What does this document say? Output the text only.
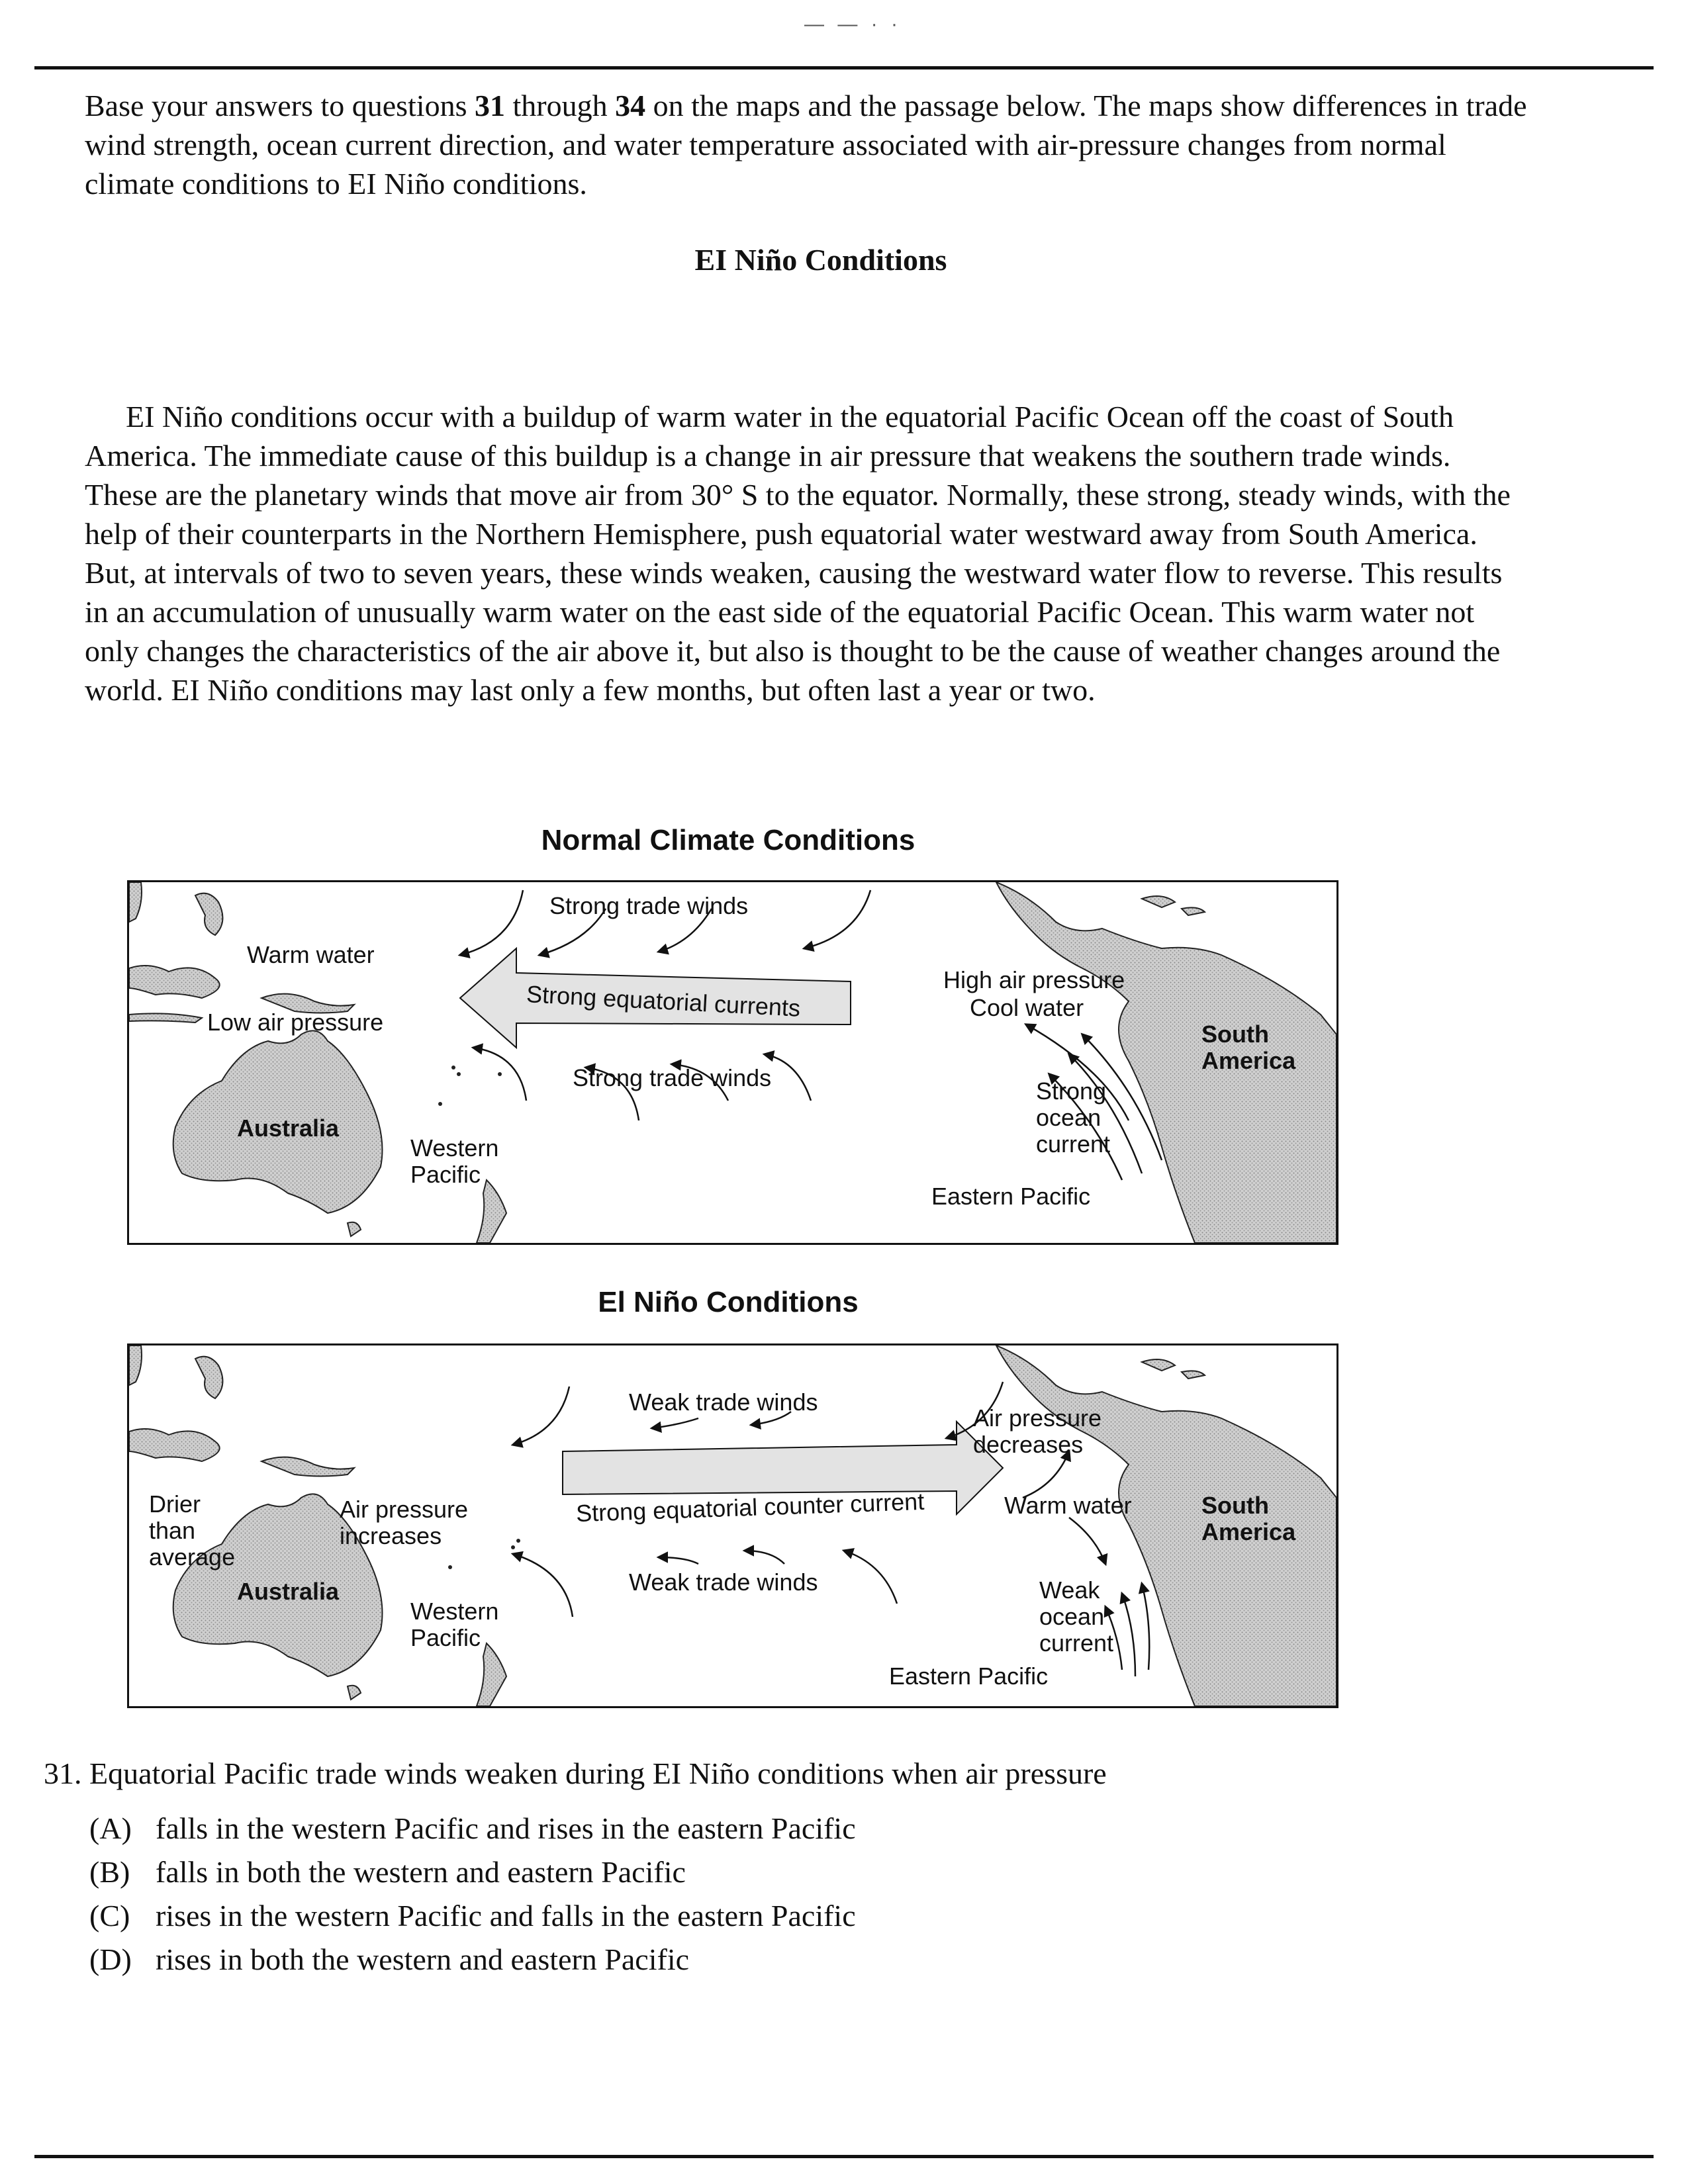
— — · ·

Base your answers to questions 31 through 34 on the maps and the passage below. The maps show differences in trade wind strength, ocean current direction, and water temperature associated with air-pressure changes from normal climate conditions to EI Niño conditions.

EI Niño Conditions

EI Niño conditions occur with a buildup of warm water in the equatorial Pacific Ocean off the coast of South America. The immediate cause of this buildup is a change in air pressure that weakens the southern trade winds. These are the planetary winds that move air from 30° S to the equator. Normally, these strong, steady winds, with the help of their counterparts in the Northern Hemisphere, push equatorial water westward away from South America. But, at intervals of two to seven years, these winds weaken, causing the westward water flow to reverse. This results in an accumulation of unusually warm water on the east side of the equatorial Pacific Ocean. This warm water not only changes the characteristics of the air above it, but also is thought to be the cause of weather changes around the world. EI Niño conditions may last only a few months, but often last a year or two.

Normal Climate Conditions
Strong trade winds
Warm water
Low air pressure
Strong equatorial currents
High air pressure
Cool water
South
America
Strong trade winds
Australia
Strong
ocean
current
Western
Pacific
Eastern Pacific
El Niño Conditions
Weak trade winds
Air pressure
decreases
Drier
than
average
Air pressure
increases
Strong equatorial counter current	Warm water	South
America
Australia	Weak trade winds	Weak
ocean
current
Western
Pacific
Eastern Pacific
31. Equatorial Pacific trade winds weaken during EI Niño conditions when air pressure
(A) falls in the western Pacific and rises in the eastern Pacific
(B) falls in both the western and eastern Pacific
(C) rises in the western Pacific and falls in the eastern Pacific
(D) rises in both the western and eastern Pacific
